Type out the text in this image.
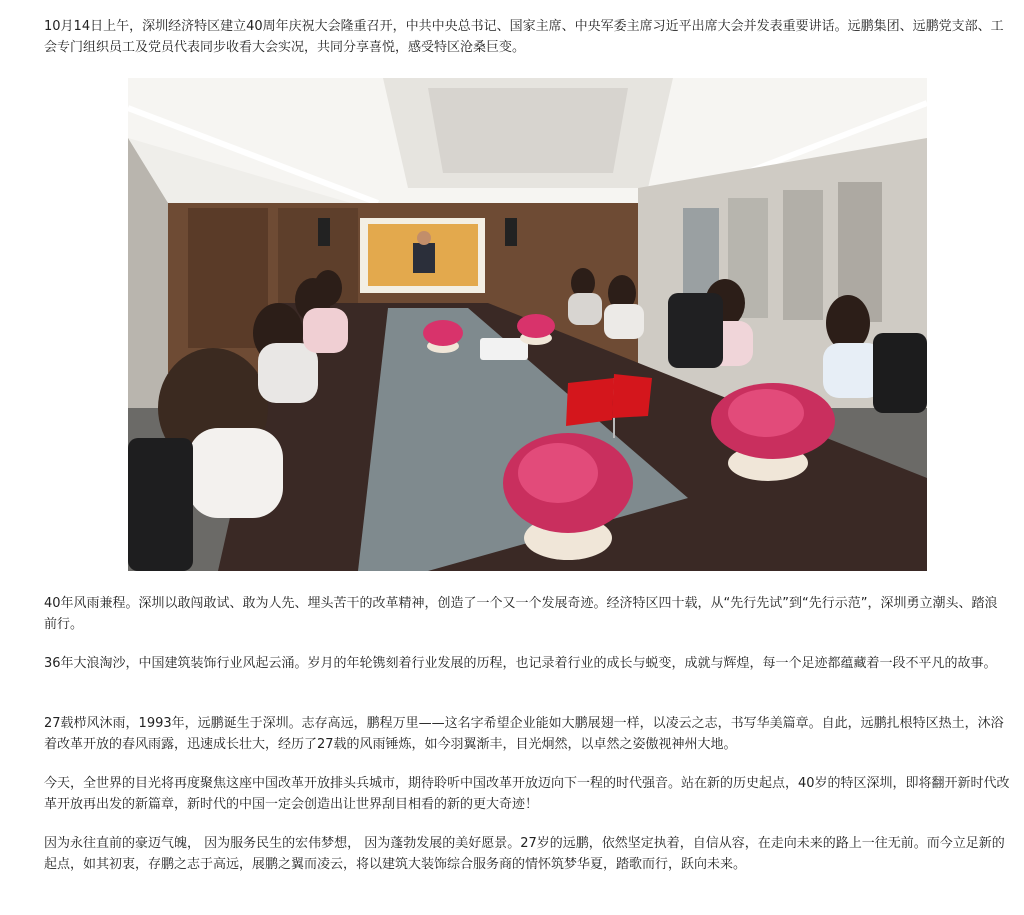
10月14日上午，深圳经济特区建立40周年庆祝大会隆重召开，中共中央总书记、国家主席、中央军委主席习近平出席大会并发表重要讲话。远鹏集团、远鹏党支部、工会专门组织员工及党员代表同步收看大会实况，共同分享喜悦，感受特区沧桑巨变。

40年风雨兼程。深圳以敢闯敢试、敢为人先、埋头苦干的改革精神，创造了一个又一个发展奇迹。经济特区四十载，从“先行先试”到“先行示范”，深圳勇立潮头、踏浪前行。

36年大浪淘沙，中国建筑装饰行业风起云涌。岁月的年轮镌刻着行业发展的历程，也记录着行业的成长与蜕变，成就与辉煌，每一个足迹都蕴藏着一段不平凡的故事。

27载栉风沐雨，1993年，远鹏诞生于深圳。志存高远，鹏程万里——这名字希望企业能如大鹏展翅一样，以凌云之志，书写华美篇章。自此，远鹏扎根特区热土，沐浴着改革开放的春风雨露，迅速成长壮大，经历了27载的风雨锤炼，如今羽翼渐丰，目光炯然，以卓然之姿傲视神州大地。

今天，全世界的目光将再度聚焦这座中国改革开放排头兵城市，期待聆听中国改革开放迈向下一程的时代强音。站在新的历史起点，40岁的特区深圳，即将翻开新时代改革开放再出发的新篇章，新时代的中国一定会创造出让世界刮目相看的新的更大奇迹！

因为永往直前的豪迈气魄， 因为服务民生的宏伟梦想， 因为蓬勃发展的美好愿景。27岁的远鹏，依然坚定执着，自信从容，在走向未来的路上一往无前。而今立足新的起点，如其初衷，存鹏之志于高远，展鹏之翼而凌云，将以建筑大装饰综合服务商的情怀筑梦华夏，踏歌而行，跃向未来。
